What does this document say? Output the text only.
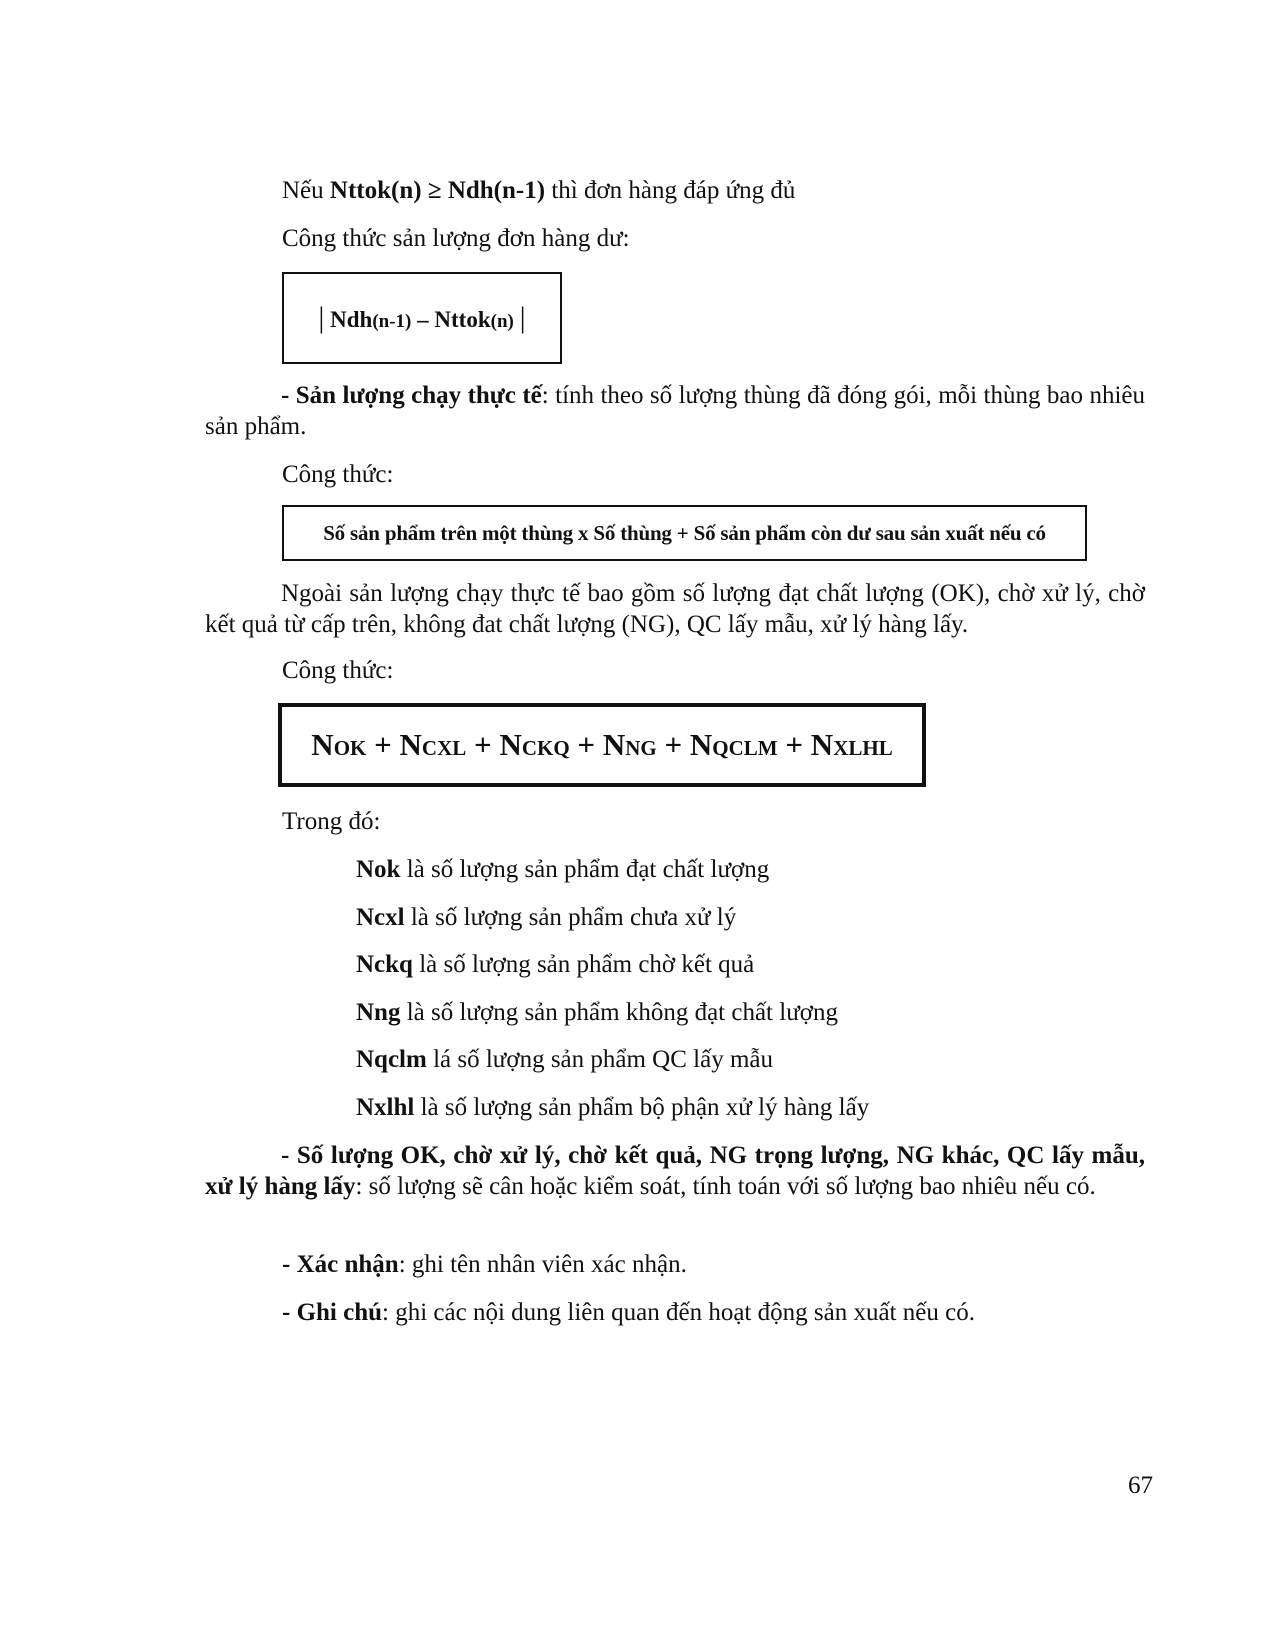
Nếu Nttok(n) ≥ Ndh(n-1) thì đơn hàng đáp ứng đủ
Công thức sản lượng đơn hàng dư:
| Ndh(n-1) – Nttok(n) |
- Sản lượng chạy thực tế: tính theo số lượng thùng đã đóng gói, mỗi thùng bao nhiêu sản phẩm.
Công thức:
Số sản phẩm trên một thùng x Số thùng + Số sản phẩm còn dư sau sản xuất nếu có
Ngoài sản lượng chạy thực tế bao gồm số lượng đạt chất lượng (OK), chờ xử lý, chờ kết quả từ cấp trên, không đat chất lượng (NG), QC lấy mẫu, xử lý hàng lấy.
Công thức:
NOK + NCXL + NCKQ + NNG + NQCLM + NXLHL
Trong đó:
Nok là số lượng sản phẩm đạt chất lượng
Ncxl là số lượng sản phẩm chưa xử lý
Nckq là số lượng sản phẩm chờ kết quả
Nng là số lượng sản phẩm không đạt chất lượng
Nqclm lá số lượng sản phẩm QC lấy mẫu
Nxlhl là số lượng sản phẩm bộ phận xử lý hàng lấy
- Số lượng OK, chờ xử lý, chờ kết quả, NG trọng lượng, NG khác, QC lấy mẫu, xử lý hàng lấy: số lượng sẽ cân hoặc kiểm soát, tính toán với số lượng bao nhiêu nếu có.
- Xác nhận: ghi tên nhân viên xác nhận.
- Ghi chú: ghi các nội dung liên quan đến hoạt động sản xuất nếu có.
67
